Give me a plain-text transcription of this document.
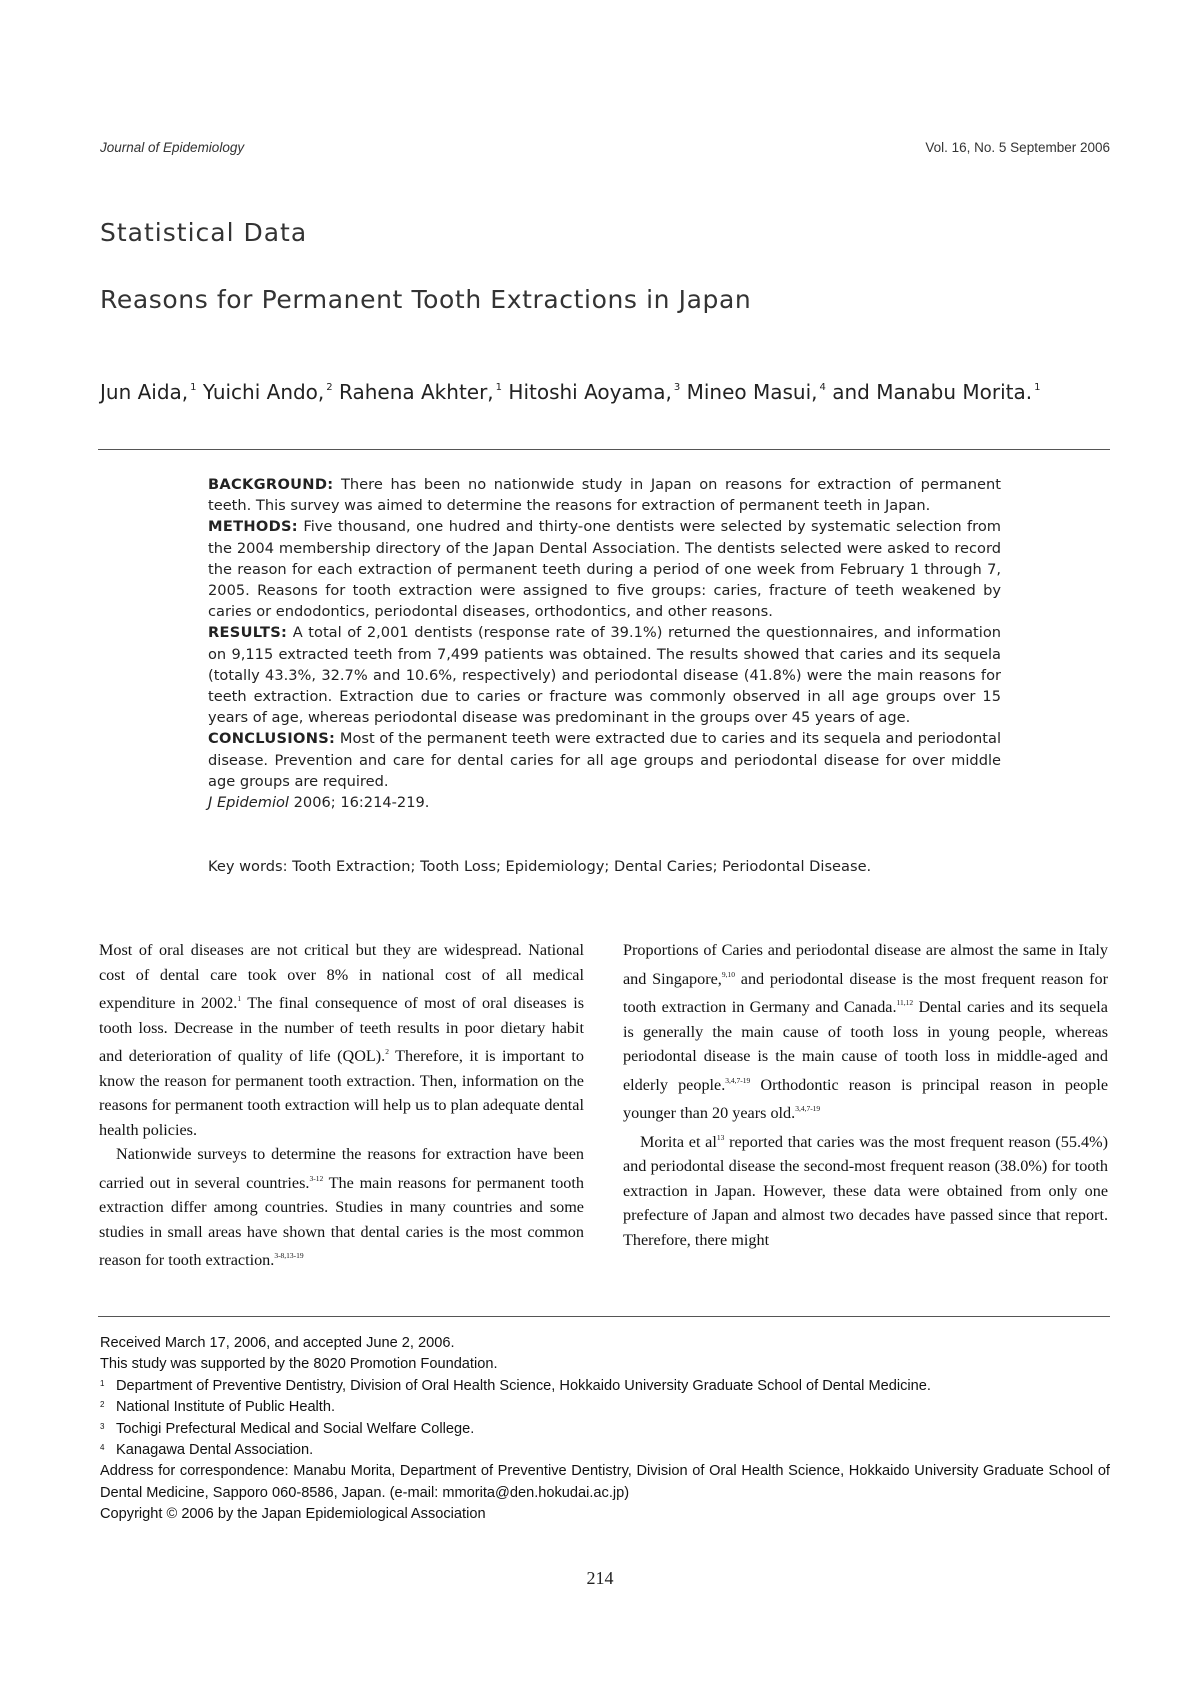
Journal of Epidemiology	Vol. 16, No. 5 September 2006
Statistical Data
Reasons for Permanent Tooth Extractions in Japan
Jun Aida, $^1$ Yuichi Ando, $^2$ Rahena Akhter, $^1$ Hitoshi Aoyama, $^3$ Mineo Masui, $^4$ and Manabu Morita. $^1$

BACKGROUND: There has been no nationwide study in Japan on reasons for extraction of permanent teeth. This survey was aimed to determine the reasons for extraction of permanent teeth in Japan.

METHODS: Five thousand, one hudred and thirty-one dentists were selected by systematic selection from the 2004 membership directory of the Japan Dental Association. The dentists selected were asked to record the reason for each extraction of permanent teeth during a period of one week from February 1 through 7, 2005. Reasons for tooth extraction were assigned to five groups: caries, fracture of teeth weakened by caries or endodontics, periodontal diseases, orthodontics, and other reasons.

RESULTS: A total of 2,001 dentists (response rate of 39.1%) returned the questionnaires, and information on 9,115 extracted teeth from 7,499 patients was obtained. The results showed that caries and its sequela (totally 43.3%, 32.7% and 10.6%, respectively) and periodontal disease (41.8%) were the main reasons for teeth extraction. Extraction due to caries or fracture was commonly observed in all age groups over 15 years of age, whereas periodontal disease was predominant in the groups over 45 years of age.

CONCLUSIONS: Most of the permanent teeth were extracted due to caries and its sequela and periodontal disease. Prevention and care for dental caries for all age groups and periodontal disease for over middle age groups are required.

J Epidemiol 2006; 16:214-219.

Key words: Tooth Extraction; Tooth Loss; Epidemiology; Dental Caries; Periodontal Disease.

Most of oral diseases are not critical but they are widespread. National cost of dental care took over 8% in national cost of all medical expenditure in 2002.$^1$ The final consequence of most of oral diseases is tooth loss. Decrease in the number of teeth results in poor dietary habit and deterioration of quality of life (QOL).$^2$ Therefore, it is important to know the reason for permanent tooth extraction. Then, information on the reasons for permanent tooth extraction will help us to plan adequate dental health policies.

Nationwide surveys to determine the reasons for extraction have been carried out in several countries.$^{3-12}$ The main reasons for permanent tooth extraction differ among countries. Studies in many countries and some studies in small areas have shown that dental caries is the most common reason for tooth extraction.$^{3-8,13-19}$

Proportions of Caries and periodontal disease are almost the same in Italy and Singapore,$^{9,10}$ and periodontal disease is the most frequent reason for tooth extraction in Germany and Canada.$^{11,12}$ Dental caries and its sequela is generally the main cause of tooth loss in young people, whereas periodontal disease is the main cause of tooth loss in middle-aged and elderly people.$^{3,4,7-19}$ Orthodontic reason is principal reason in people younger than 20 years old.$^{3,4,7-19}$

Morita et $al^{13}$ reported that caries was the most frequent reason (55.4%) and periodontal disease the second-most frequent reason (38.0%) for tooth extraction in Japan. However, these data were obtained from only one prefecture of Japan and almost two decades have passed since that report. Therefore, there might

Received March 17, 2006, and accepted June 2, 2006.
This study was supported by the 8020 Promotion Foundation.
1 Department of Preventive Dentistry, Division of Oral Health Science, Hokkaido University Graduate School of Dental Medicine.
2 National Institute of Public Health.
3 Tochigi Prefectural Medical and Social Welfare College.
4 Kanagawa Dental Association.
Address for correspondence: Manabu Morita, Department of Preventive Dentistry, Division of Oral Health Science, Hokkaido University Graduate School of Dental Medicine, Sapporo 060-8586, Japan. (e-mail: mmorita@den.hokudai.ac.jp)
Copyright © 2006 by the Japan Epidemiological Association
214
